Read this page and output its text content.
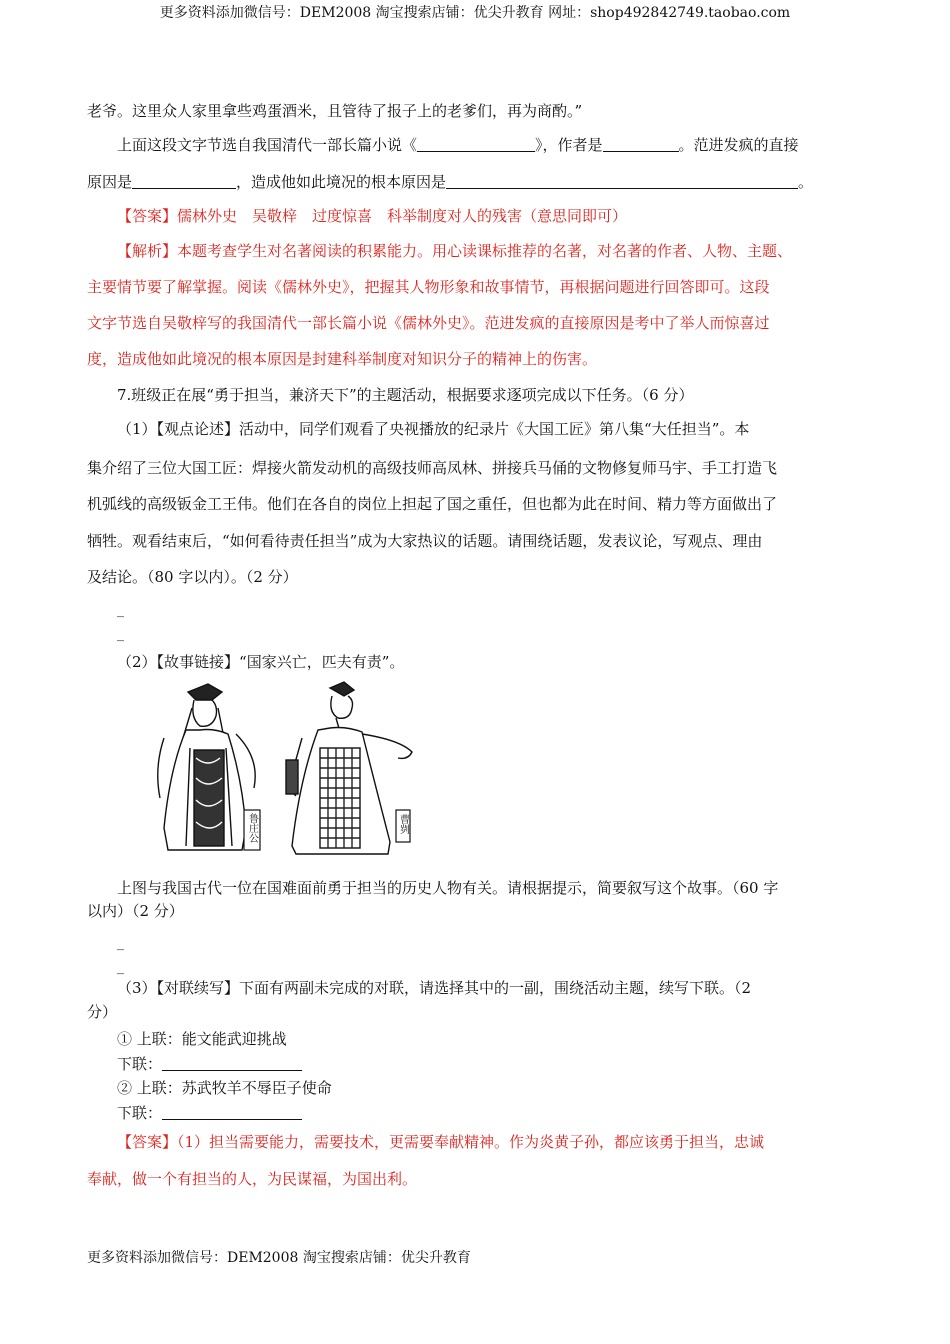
更多资料添加微信号：DEM2008 淘宝搜索店铺：优尖升教育 网址：shop492842749.taobao.com
老爷。这里众人家里拿些鸡蛋酒米，且管待了报子上的老爹们，再为商酌。”
上面这段文字节选自我国清代一部长篇小说《	》，作者是	。范进发疯的直接
原因是	，造成他如此境况的根本原因是	。
【答案】儒林外史　吴敬梓　过度惊喜　科举制度对人的残害（意思同即可）
【解析】本题考查学生对名著阅读的积累能力。用心读课标推荐的名著，对名著的作者、人物、主题、
主要情节要了解掌握。阅读《儒林外史》，把握其人物形象和故事情节，再根据问题进行回答即可。这段
文字节选自吴敬梓写的我国清代一部长篇小说《儒林外史》。范进发疯的直接原因是考中了举人而惊喜过
度，造成他如此境况的根本原因是封建科举制度对知识分子的精神上的伤害。
7.班级正在展“勇于担当，兼济天下”的主题活动，根据要求逐项完成以下任务。（6 分）
（1）【观点论述】活动中，同学们观看了央视播放的纪录片《大国工匠》第八集“大任担当”。本
集介绍了三位大国工匠：焊接火箭发动机的高级技师高凤林、拼接兵马俑的文物修复师马宇、手工打造飞
机弧线的高级钣金工王伟。他们在各自的岗位上担起了国之重任，但也都为此在时间、精力等方面做出了
牺牲。观看结束后，“如何看待责任担当”成为大家热议的话题。请围绕话题，发表议论，写观点、理由
及结论。（80 字以内）。（2 分）
_
_
（2）【故事链接】“国家兴亡，匹夫有责”。
鲁庄公	曹刿
上图与我国古代一位在国难面前勇于担当的历史人物有关。请根据提示，简要叙写这个故事。（60 字
以内）（2 分）
_
_
（3）【对联续写】下面有两副未完成的对联，请选择其中的一副，围绕活动主题，续写下联。（2
分）
① 上联：能文能武迎挑战
下联：
② 上联：苏武牧羊不辱臣子使命
下联：
【答案】（1）担当需要能力，需要技术，更需要奉献精神。作为炎黄子孙，都应该勇于担当，忠诚
奉献，做一个有担当的人，为民谋福，为国出利。
更多资料添加微信号：DEM2008 淘宝搜索店铺：优尖升教育
